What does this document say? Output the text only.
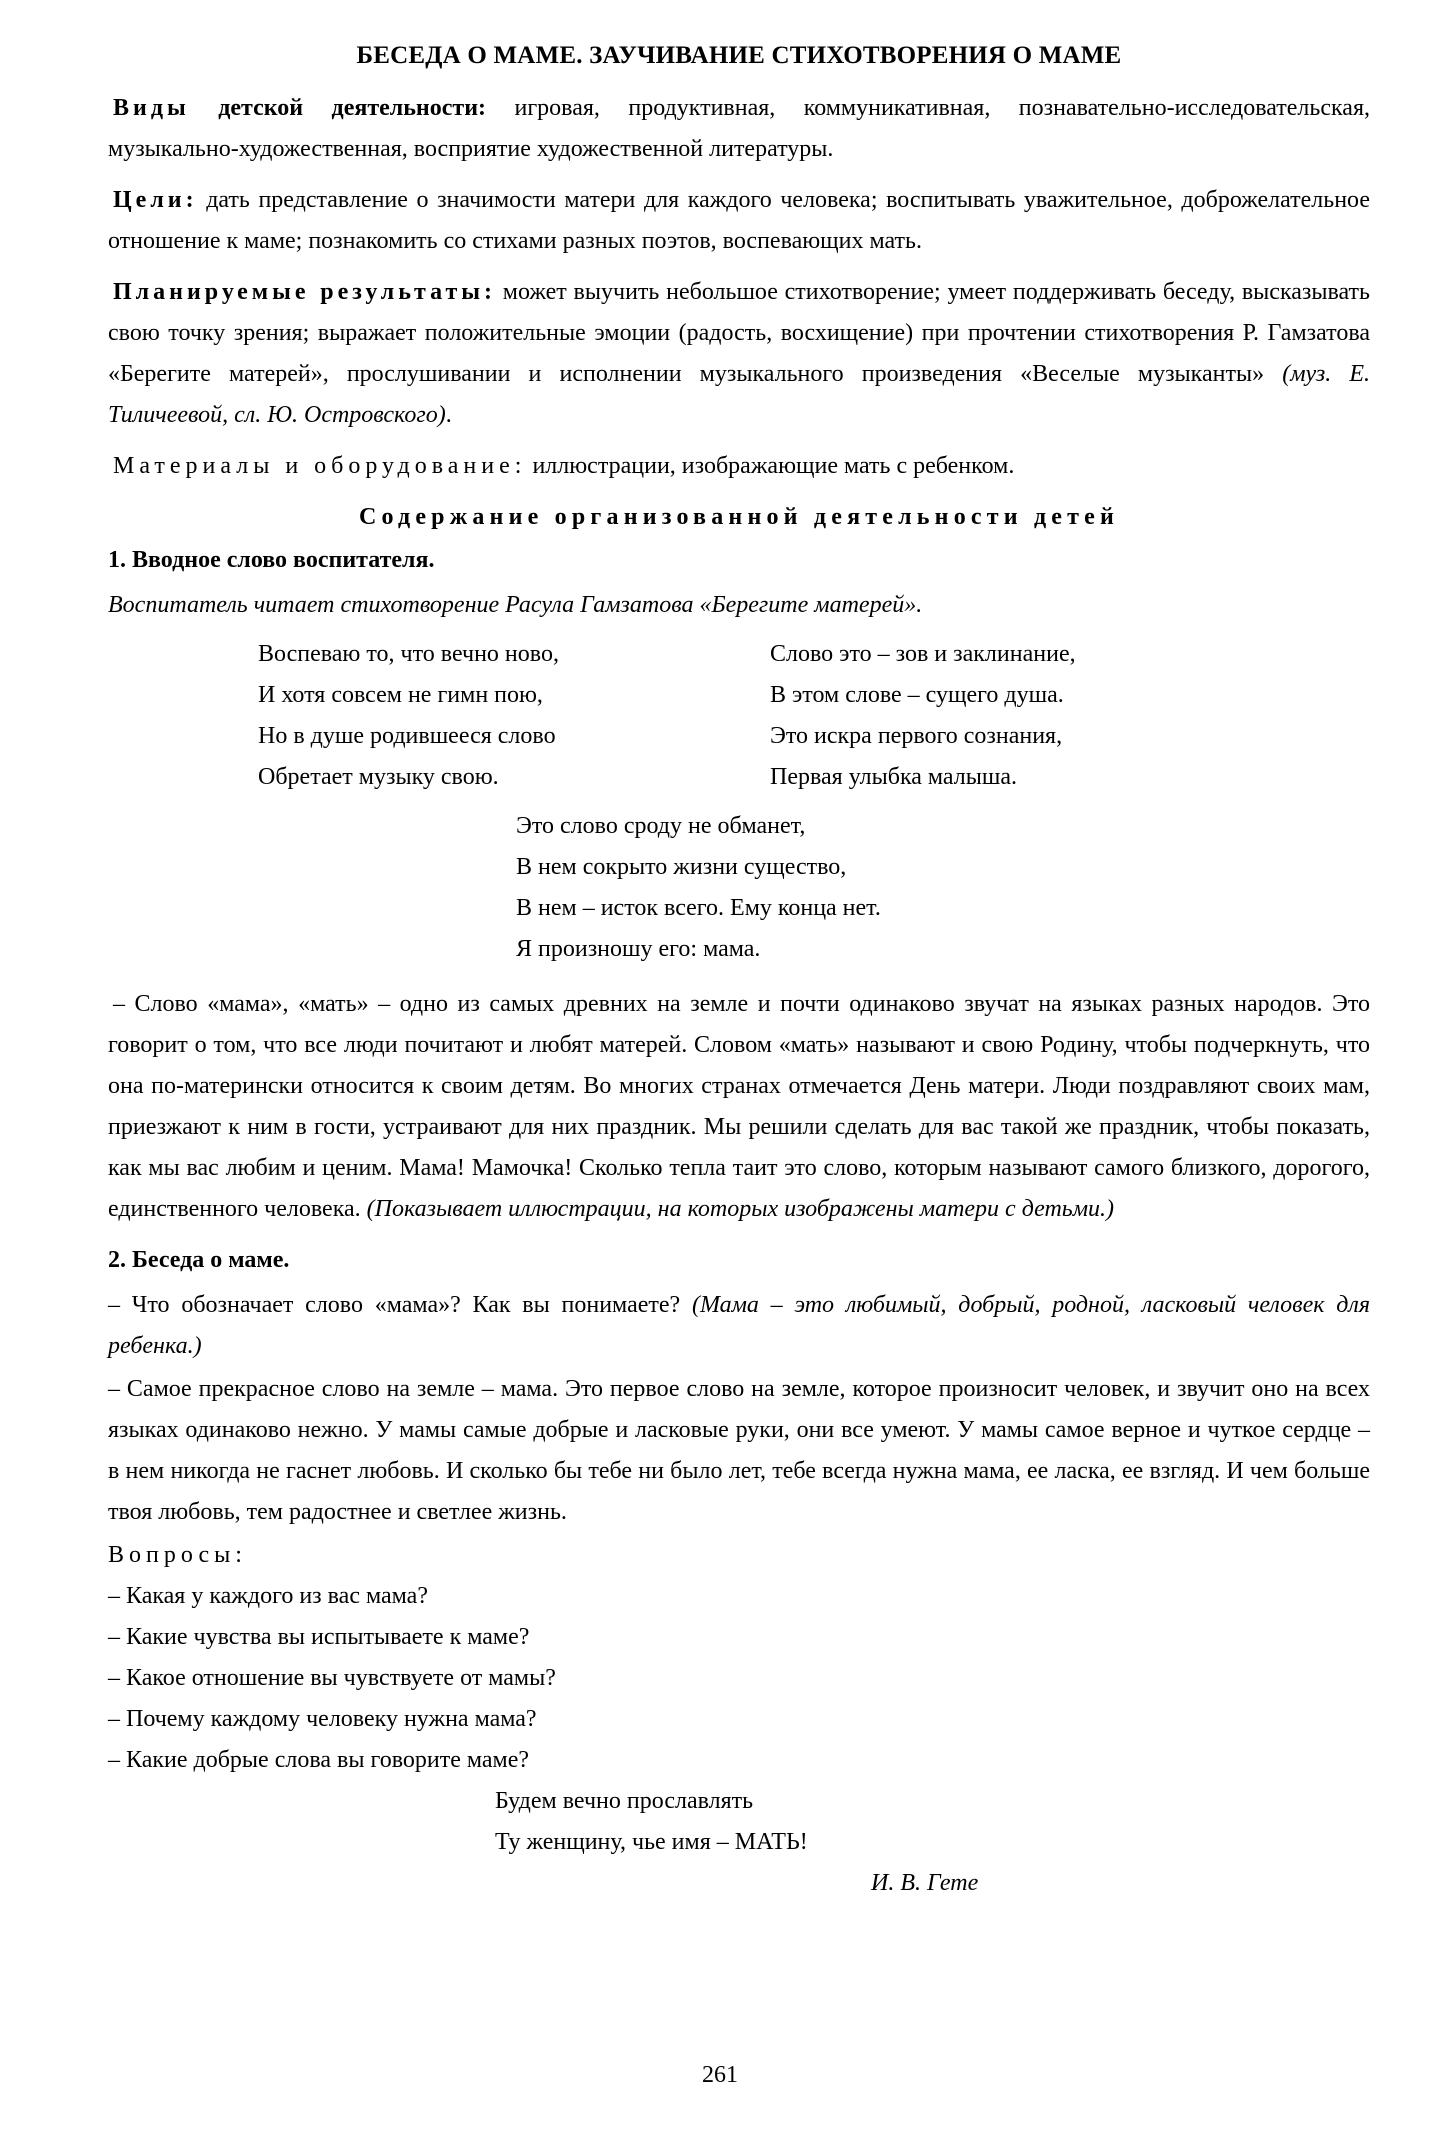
БЕСЕДА О МАМЕ. ЗАУЧИВАНИЕ СТИХОТВОРЕНИЯ О МАМЕ

Виды детской деятельности: игровая, продуктивная, коммуникативная, познавательно-исследовательская, музыкально-художественная, восприятие художественной литературы.

Цели: дать представление о значимости матери для каждого человека; воспитывать уважительное, доброжелательное отношение к маме; познакомить со стихами разных поэтов, воспевающих мать.

Планируемые результаты: может выучить небольшое стихотворение; умеет поддерживать беседу, высказывать свою точку зрения; выражает положительные эмоции (радость, восхищение) при прочтении стихотворения Р. Гамзатова «Берегите матерей», прослушивании и исполнении музыкального произведения «Веселые музыканты» (муз. Е. Тиличеевой, сл. Ю. Островского).

Материалы и оборудование: иллюстрации, изображающие мать с ребенком.

Содержание организованной деятельности детей
1. Вводное слово воспитателя.

Воспитатель читает стихотворение Расула Гамзатова «Берегите матерей».

Воспеваю то, что вечно ново,
И хотя совсем не гимн пою,
Но в душе родившееся слово
Обретает музыку свою.
Слово это – зов и заклинание,
В этом слове – сущего душа.
Это искра первого сознания,
Первая улыбка малыша.
Это слово сроду не обманет,
В нем сокрыто жизни существо,
В нем – исток всего. Ему конца нет.
Я произношу его: мама.

– Слово «мама», «мать» – одно из самых древних на земле и почти одинаково звучат на языках разных народов. Это говорит о том, что все люди почитают и любят матерей. Словом «мать» называют и свою Родину, чтобы подчеркнуть, что она по-матерински относится к своим детям. Во многих странах отмечается День матери. Люди поздравляют своих мам, приезжают к ним в гости, устраивают для них праздник. Мы решили сделать для вас такой же праздник, чтобы показать, как мы вас любим и ценим. Мама! Мамочка! Сколько тепла таит это слово, которым называют самого близкого, дорогого, единственного человека. (Показывает иллюстрации, на которых изображены матери с детьми.)

2. Беседа о маме.

– Что обозначает слово «мама»? Как вы понимаете? (Мама – это любимый, добрый, родной, ласковый человек для ребенка.)

– Самое прекрасное слово на земле – мама. Это первое слово на земле, которое произносит человек, и звучит оно на всех языках одинаково нежно. У мамы самые добрые и ласковые руки, они все умеют. У мамы самое верное и чуткое сердце – в нем никогда не гаснет любовь. И сколько бы тебе ни было лет, тебе всегда нужна мама, ее ласка, ее взгляд. И чем больше твоя любовь, тем радостнее и светлее жизнь.

Вопросы:
– Какая у каждого из вас мама?
– Какие чувства вы испытываете к маме?
– Какое отношение вы чувствуете от мамы?
– Почему каждому человеку нужна мама?
– Какие добрые слова вы говорите маме?
Будем вечно прославлять
Ту женщину, чье имя – МАТЬ!
И. В. Гете
261
